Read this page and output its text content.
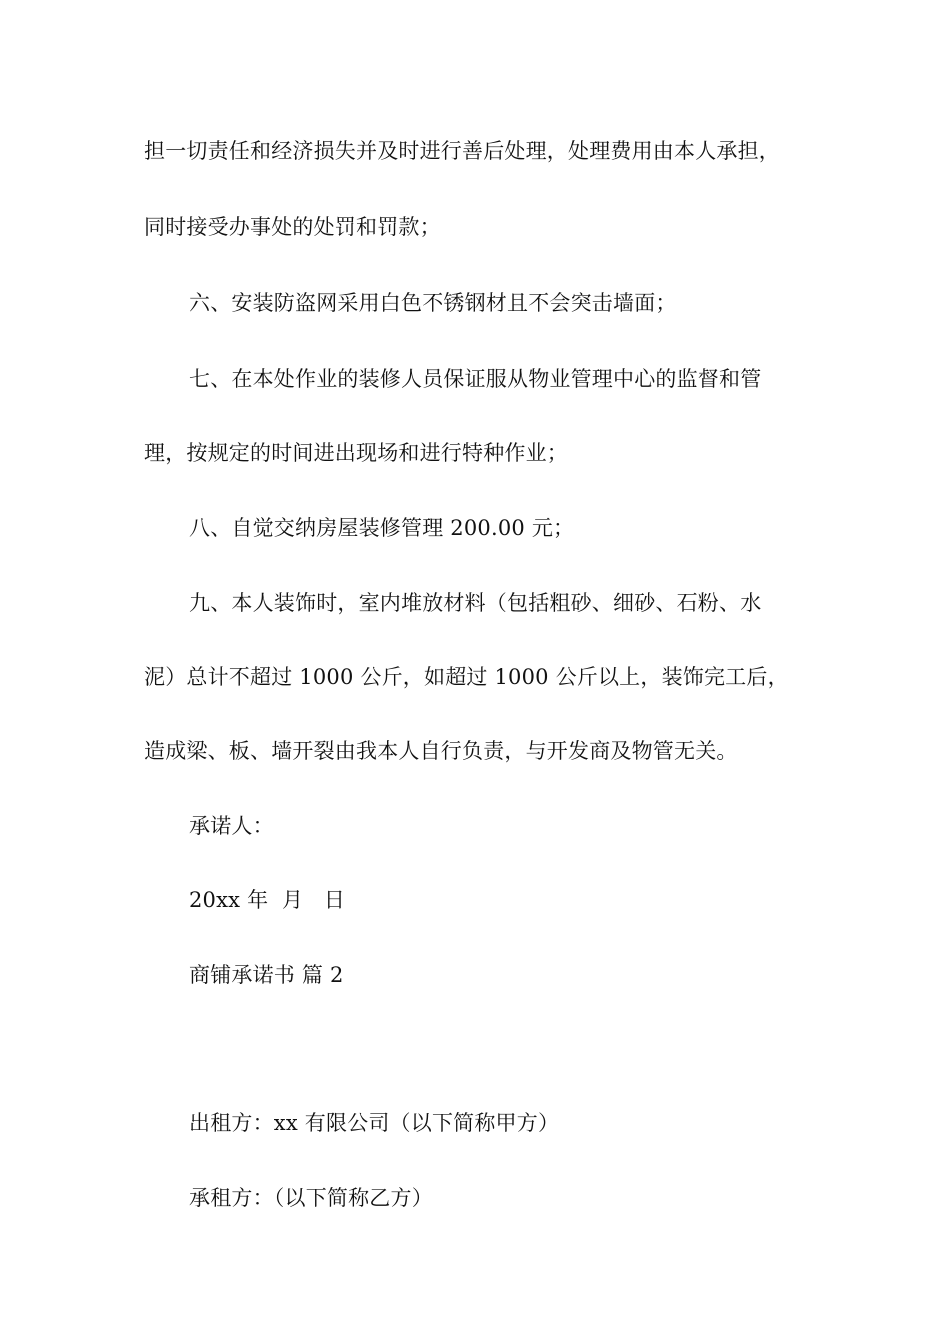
担一切责任和经济损失并及时进行善后处理，处理费用由本人承担，
同时接受办事处的处罚和罚款；
六、安装防盗网采用白色不锈钢材且不会突击墙面；
七、在本处作业的装修人员保证服从物业管理中心的监督和管
理，按规定的时间进出现场和进行特种作业；
八、自觉交纳房屋装修管理 200.00 元；
九、本人装饰时，室内堆放材料（包括粗砂、细砂、石粉、水
泥）总计不超过 1000 公斤，如超过 1000 公斤以上，装饰完工后，
造成梁、板、墙开裂由我本人自行负责，与开发商及物管无关。
承诺人：
20xx 年  月   日
商铺承诺书 篇 2
出租方：xx 有限公司（以下简称甲方）
承租方：（以下简称乙方）
